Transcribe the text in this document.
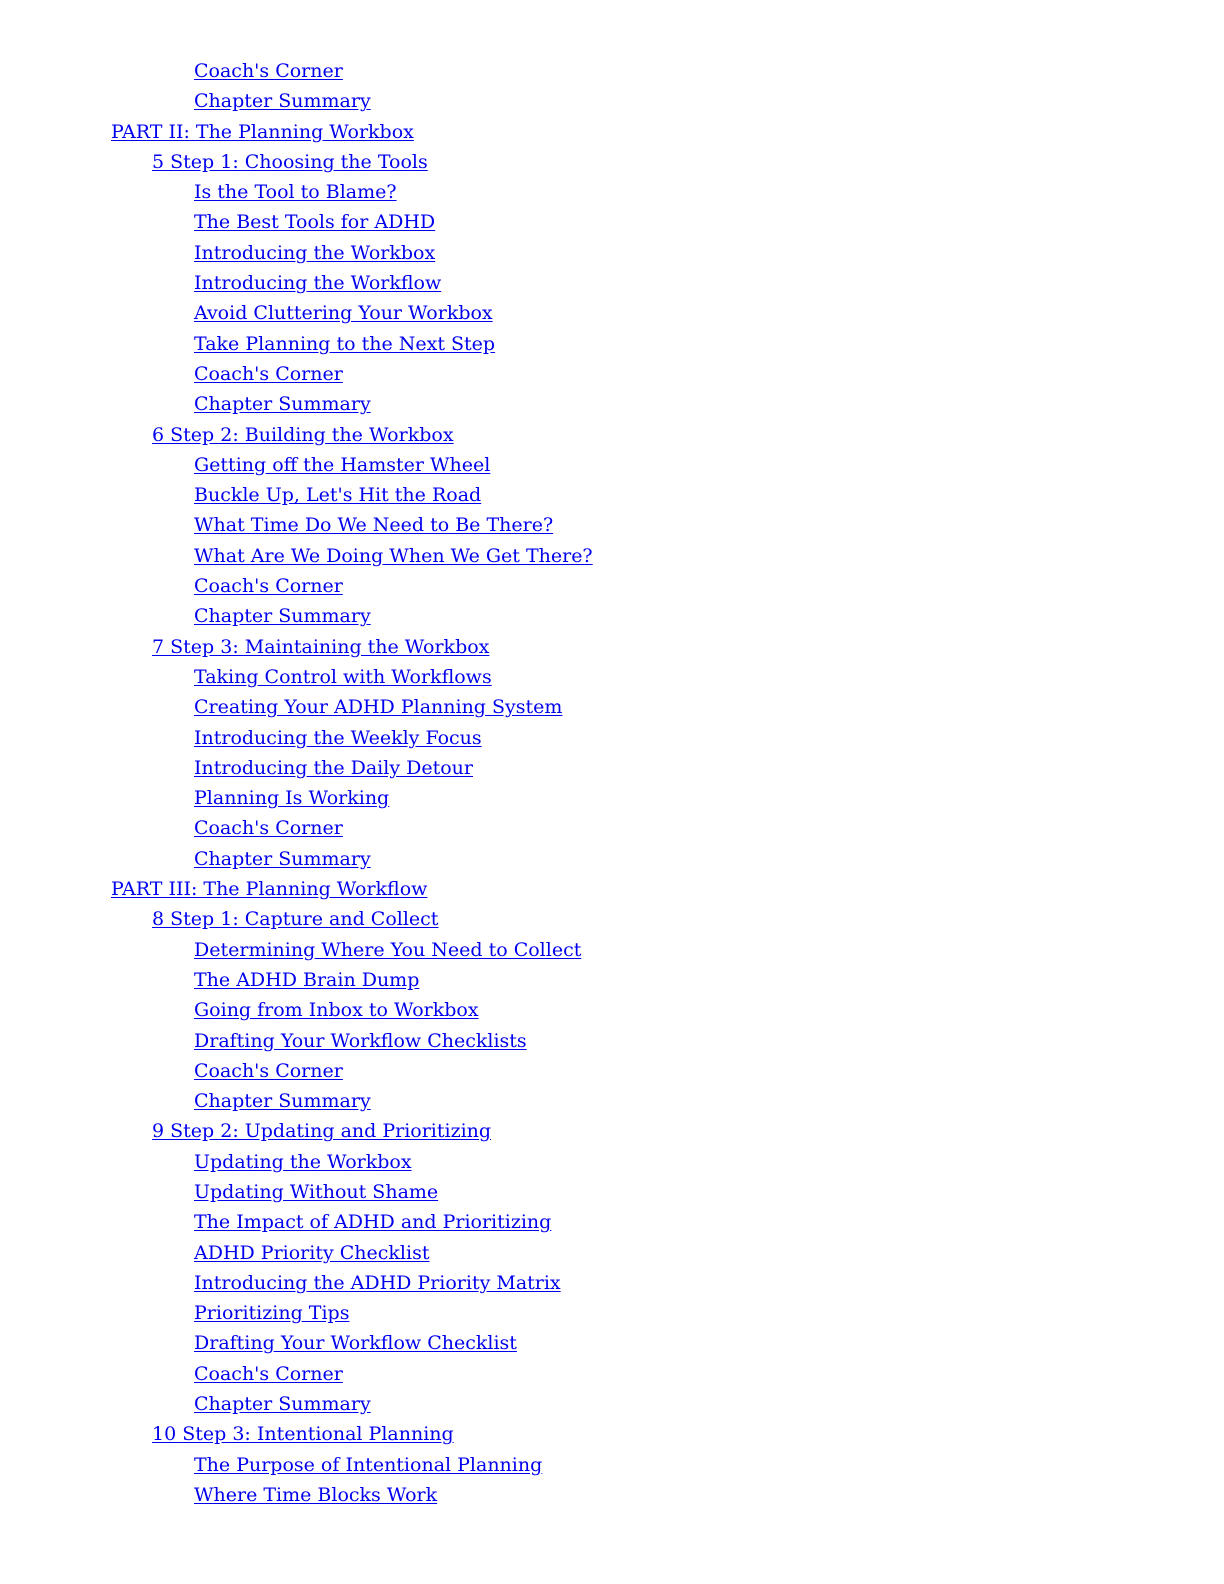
Coach's Corner
Chapter Summary
PART II: The Planning Workbox
5 Step 1: Choosing the Tools
Is the Tool to Blame?
The Best Tools for ADHD
Introducing the Workbox
Introducing the Workflow
Avoid Cluttering Your Workbox
Take Planning to the Next Step
Coach's Corner
Chapter Summary
6 Step 2: Building the Workbox
Getting off the Hamster Wheel
Buckle Up, Let's Hit the Road
What Time Do We Need to Be There?
What Are We Doing When We Get There?
Coach's Corner
Chapter Summary
7 Step 3: Maintaining the Workbox
Taking Control with Workflows
Creating Your ADHD Planning System
Introducing the Weekly Focus
Introducing the Daily Detour
Planning Is Working
Coach's Corner
Chapter Summary
PART III: The Planning Workflow
8 Step 1: Capture and Collect
Determining Where You Need to Collect
The ADHD Brain Dump
Going from Inbox to Workbox
Drafting Your Workflow Checklists
Coach's Corner
Chapter Summary
9 Step 2: Updating and Prioritizing
Updating the Workbox
Updating Without Shame
The Impact of ADHD and Prioritizing
ADHD Priority Checklist
Introducing the ADHD Priority Matrix
Prioritizing Tips
Drafting Your Workflow Checklist
Coach's Corner
Chapter Summary
10 Step 3: Intentional Planning
The Purpose of Intentional Planning
Where Time Blocks Work
